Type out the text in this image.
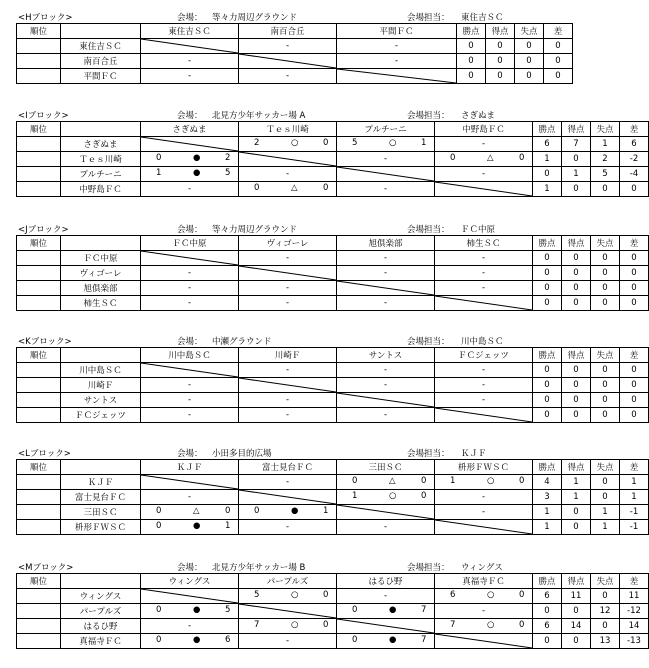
<Hブロック>	会場： 等々力周辺グラウンド	会場担当： 東住吉ＳＣ
順位		東住吉ＳＣ	南百合丘	平間ＦＣ	勝点	得点	失点	差
	東住吉ＳＣ		-	-	0	0	0	0
	南百合丘	-		-	0	0	0	0
	平間ＦＣ	-	-		0	0	0	0
<Iブロック>	会場： 北見方少年サッカー場 A	会場担当： さぎぬま
順位		さぎぬま	Ｔｅｓ川崎	プルチーニ	中野島ＦＣ	勝点	得点	失点	差
	さぎぬま		2 ○ 0	5 ○ 1	-	6	7	1	6
	Ｔｅｓ川崎	0 ● 2		-	0 △ 0	1	0	2	-2
	プルチーニ	1 ● 5	-		-	0	1	5	-4
	中野島ＦＣ	-	0 △ 0	-		1	0	0	0
<Jブロック>	会場： 等々力周辺グラウンド	会場担当： ＦＣ中原
順位		ＦＣ中原	ヴィゴーレ	旭俱楽部	柿生ＳＣ	勝点	得点	失点	差
	ＦＣ中原		-	-	-	0	0	0	0
	ヴィゴーレ	-		-	-	0	0	0	0
	旭俱楽部	-	-		-	0	0	0	0
	柿生ＳＣ	-	-	-		0	0	0	0
<Kブロック>	会場： 中瀬グラウンド	会場担当： 川中島ＳＣ
順位		川中島ＳＣ	川崎Ｆ	サントス	ＦＣジェッツ	勝点	得点	失点	差
	川中島ＳＣ		-	-	-	0	0	0	0
	川崎Ｆ	-		-	-	0	0	0	0
	サントス	-	-		-	0	0	0	0
	ＦＣジェッツ	-	-	-		0	0	0	0
<Lブロック>	会場： 小田多目的広場	会場担当： ＫＪＦ
順位		ＫＪＦ	富士見台ＦＣ	三田ＳＣ	枡形ＦＷＳＣ	勝点	得点	失点	差
	ＫＪＦ		-	0 △ 0	1 ○ 0	4	1	0	1
	富士見台ＦＣ	-		1 ○ 0	-	3	1	0	1
	三田ＳＣ	0 △ 0	0 ● 1		-	1	0	1	-1
	枡形ＦＷＳＣ	0 ● 1	-	-		1	0	1	-1
<Mブロック>	会場： 北見方少年サッカー場 B	会場担当： ウィングス
順位		ウィングス	パープルズ	はるひ野	真福寺ＦＣ	勝点	得点	失点	差
	ウィングス		5 ○ 0	-	6 ○ 0	6	11	0	11
	パープルズ	0 ● 5		0 ● 7	-	0	0	12	-12
	はるひ野	-	7 ○ 0		7 ○ 0	6	14	0	14
	真福寺ＦＣ	0 ● 6	-	0 ● 7		0	0	13	-13
